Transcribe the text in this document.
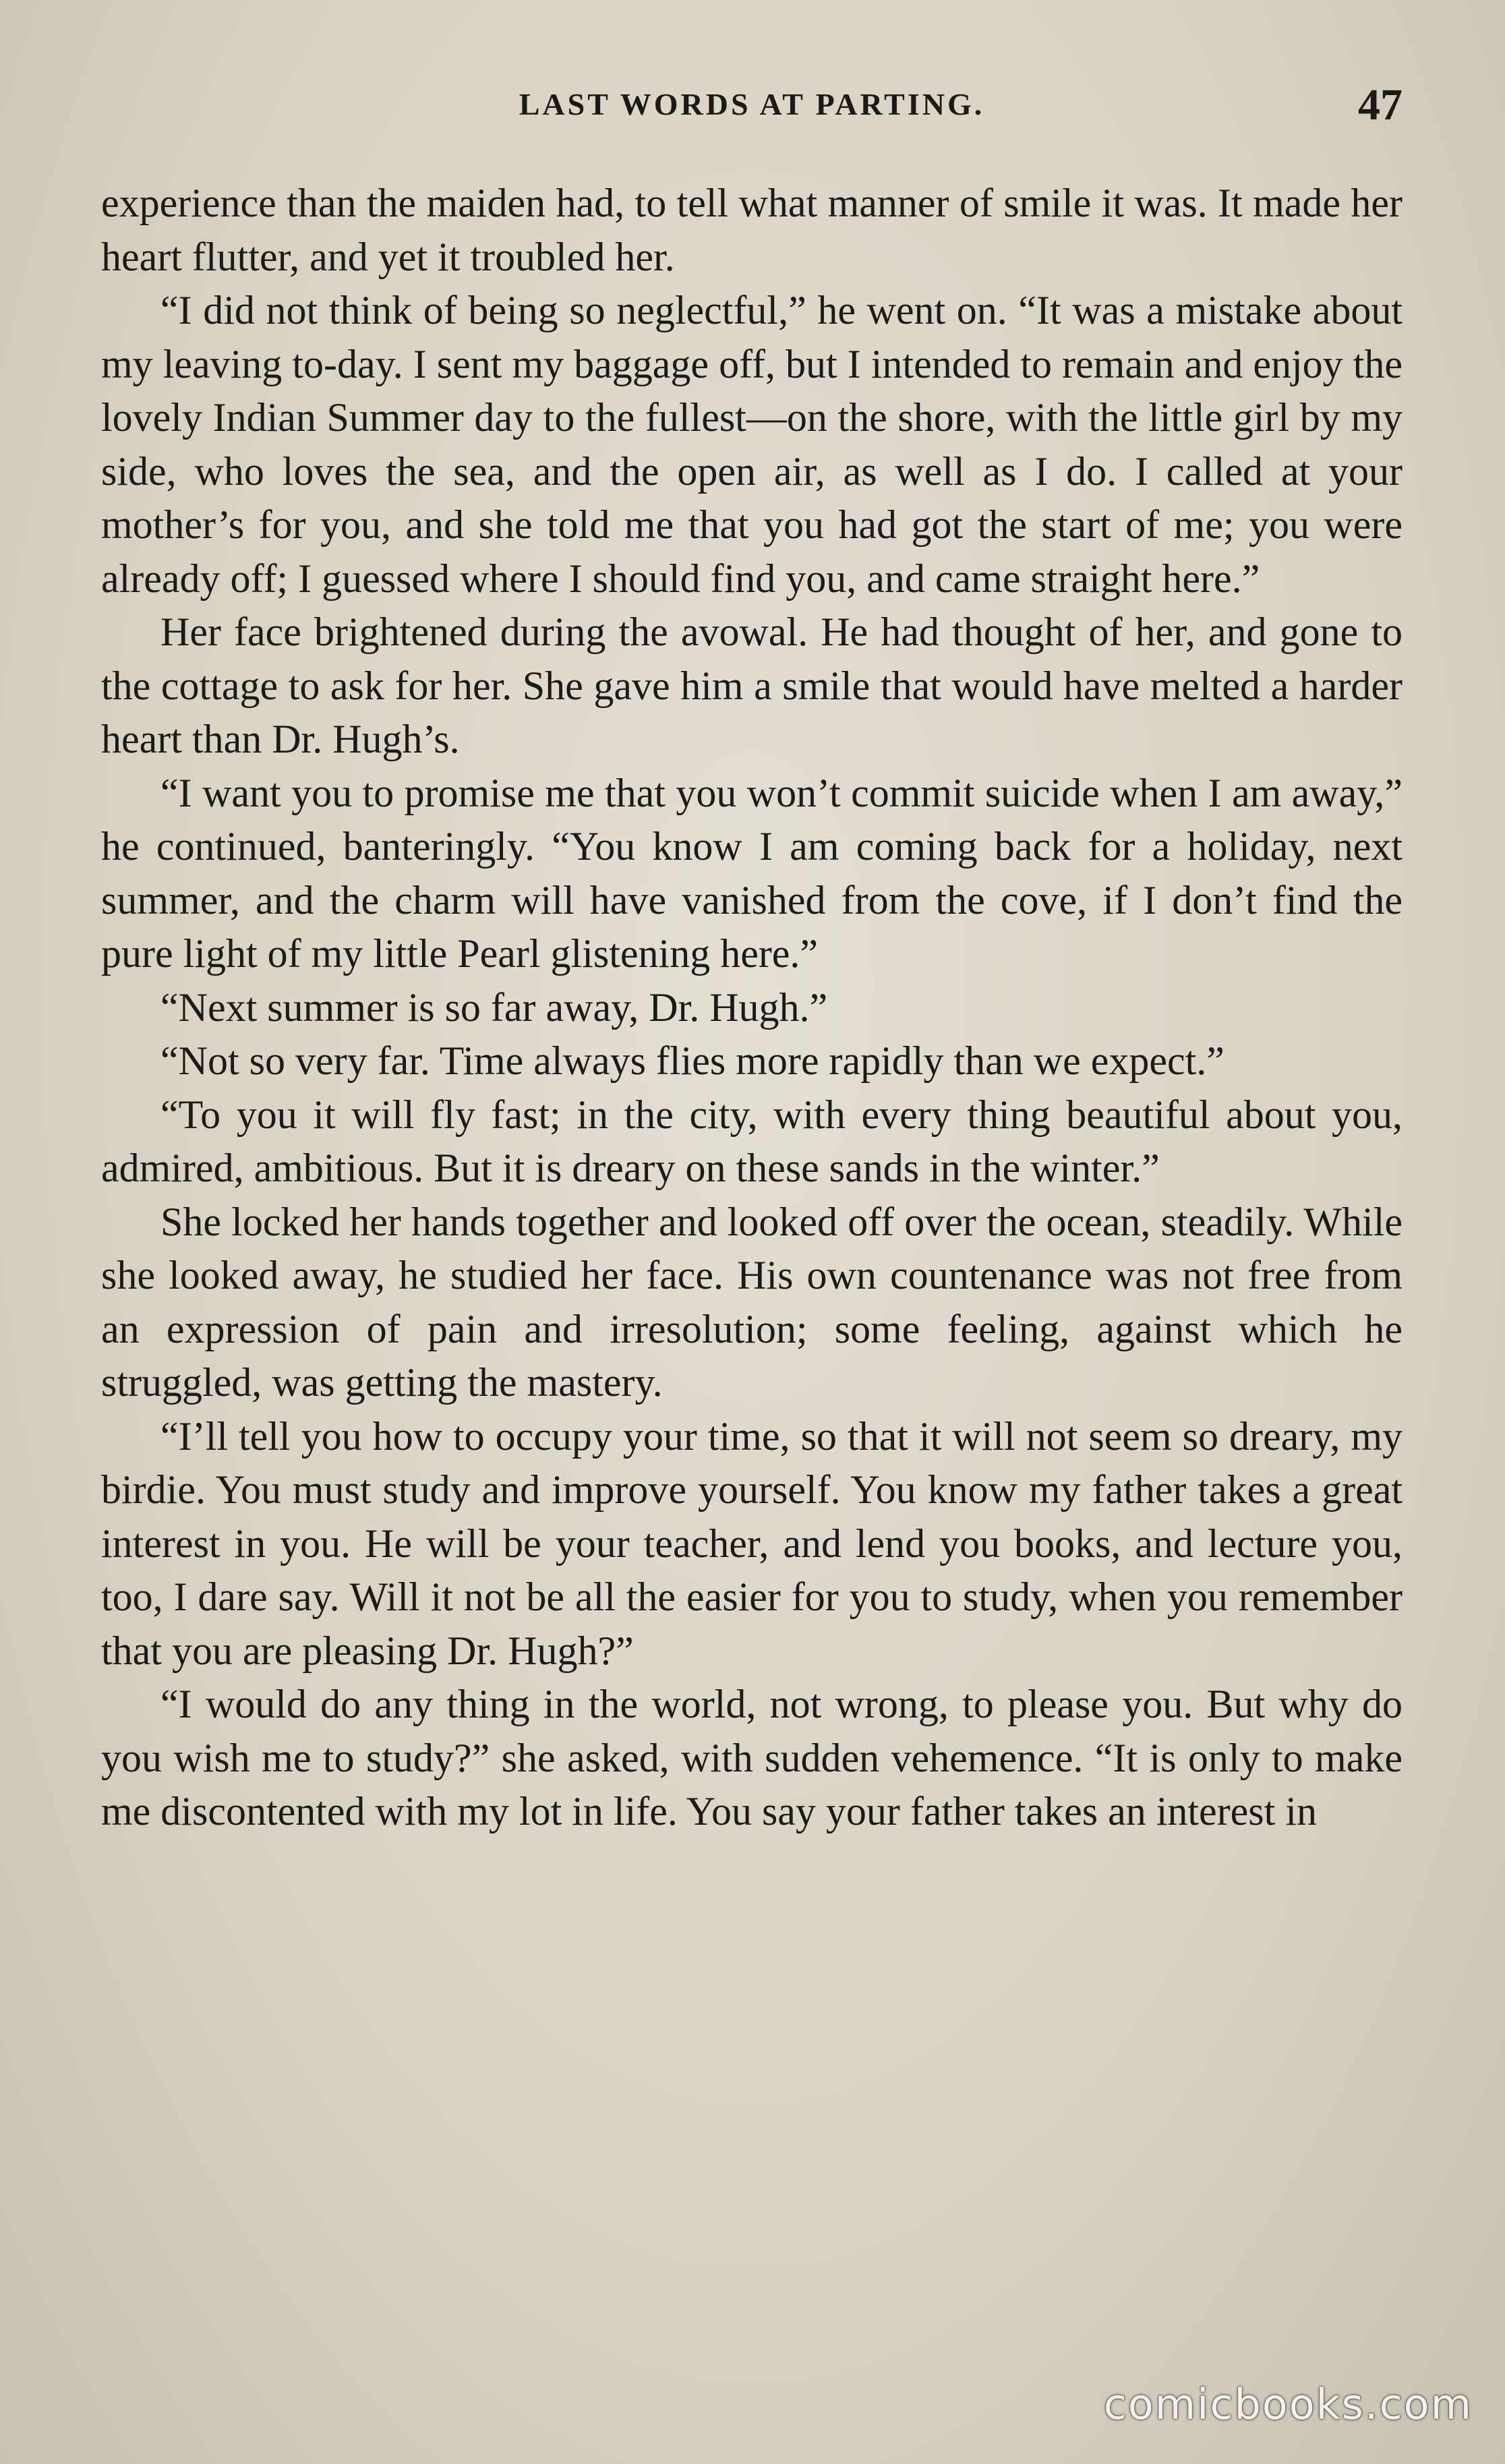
LAST WORDS AT PARTING.	47

experience than the maiden had, to tell what manner of smile it was. It made her heart flutter, and yet it troubled her.

“I did not think of being so neglectful,” he went on. “It was a mistake about my leaving to-day. I sent my baggage off, but I intended to remain and enjoy the lovely Indian Summer day to the fullest—on the shore, with the little girl by my side, who loves the sea, and the open air, as well as I do. I called at your mother’s for you, and she told me that you had got the start of me; you were already off; I guessed where I should find you, and came straight here.”

Her face brightened during the avowal. He had thought of her, and gone to the cottage to ask for her. She gave him a smile that would have melted a harder heart than Dr. Hugh’s.

“I want you to promise me that you won’t commit suicide when I am away,” he continued, banteringly. “You know I am coming back for a holiday, next summer, and the charm will have vanished from the cove, if I don’t find the pure light of my little Pearl glistening here.”

“Next summer is so far away, Dr. Hugh.”

“Not so very far. Time always flies more rapidly than we expect.”

“To you it will fly fast; in the city, with every thing beautiful about you, admired, ambitious. But it is dreary on these sands in the winter.”

She locked her hands together and looked off over the ocean, steadily. While she looked away, he studied her face. His own countenance was not free from an expression of pain and irresolution; some feeling, against which he struggled, was getting the mastery.

“I’ll tell you how to occupy your time, so that it will not seem so dreary, my birdie. You must study and improve yourself. You know my father takes a great interest in you. He will be your teacher, and lend you books, and lecture you, too, I dare say. Will it not be all the easier for you to study, when you remember that you are pleasing Dr. Hugh?”

“I would do any thing in the world, not wrong, to please you. But why do you wish me to study?” she asked, with sudden vehemence. “It is only to make me discontented with my lot in life. You say your father takes an interest in

comicbooks.com
